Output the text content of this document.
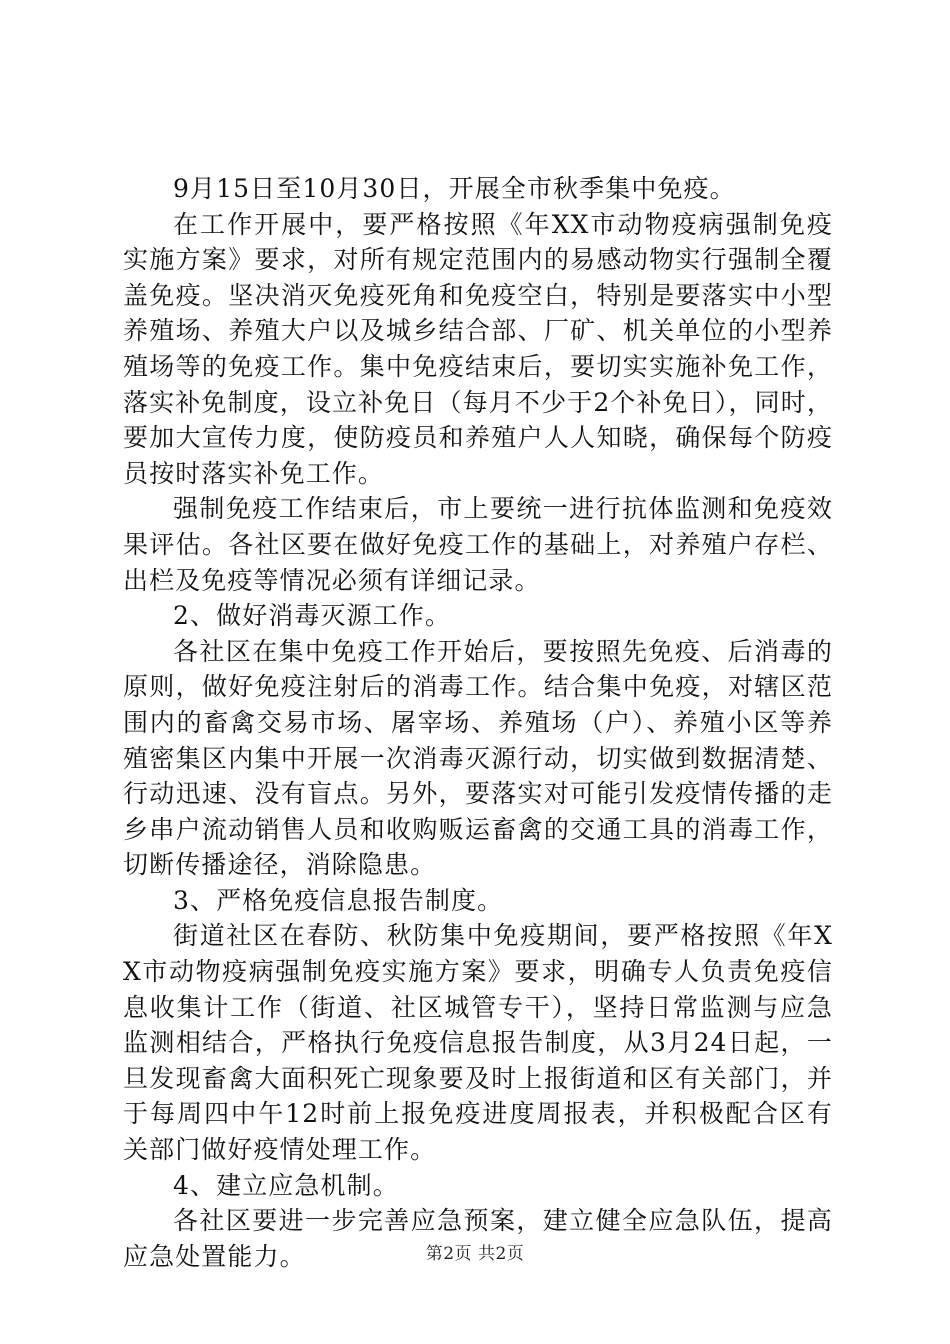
9月15日至10月30日，开展全市秋季集中免疫。

在工作开展中，要严格按照《年XX市动物疫病强制免疫实施方案》要求，对所有规定范围内的易感动物实行强制全覆盖免疫。坚决消灭免疫死角和免疫空白，特别是要落实中小型养殖场、养殖大户以及城乡结合部、厂矿、机关单位的小型养殖场等的免疫工作。集中免疫结束后，要切实实施补免工作，落实补免制度，设立补免日（每月不少于2个补免日），同时，要加大宣传力度，使防疫员和养殖户人人知晓，确保每个防疫员按时落实补免工作。

强制免疫工作结束后，市上要统一进行抗体监测和免疫效果评估。各社区要在做好免疫工作的基础上，对养殖户存栏、出栏及免疫等情况必须有详细记录。

2、做好消毒灭源工作。

各社区在集中免疫工作开始后，要按照先免疫、后消毒的原则，做好免疫注射后的消毒工作。结合集中免疫，对辖区范围内的畜禽交易市场、屠宰场、养殖场（户）、养殖小区等养殖密集区内集中开展一次消毒灭源行动，切实做到数据清楚、行动迅速、没有盲点。另外，要落实对可能引发疫情传播的走乡串户流动销售人员和收购贩运畜禽的交通工具的消毒工作，切断传播途径，消除隐患。

3、严格免疫信息报告制度。

街道社区在春防、秋防集中免疫期间，要严格按照《年XX市动物疫病强制免疫实施方案》要求，明确专人负责免疫信息收集计工作（街道、社区城管专干），坚持日常监测与应急监测相结合，严格执行免疫信息报告制度，从3月24日起，一旦发现畜禽大面积死亡现象要及时上报街道和区有关部门，并于每周四中午12时前上报免疫进度周报表，并积极配合区有关部门做好疫情处理工作。

4、建立应急机制。

各社区要进一步完善应急预案，建立健全应急队伍，提高应急处置能力。	第2页 共2页
